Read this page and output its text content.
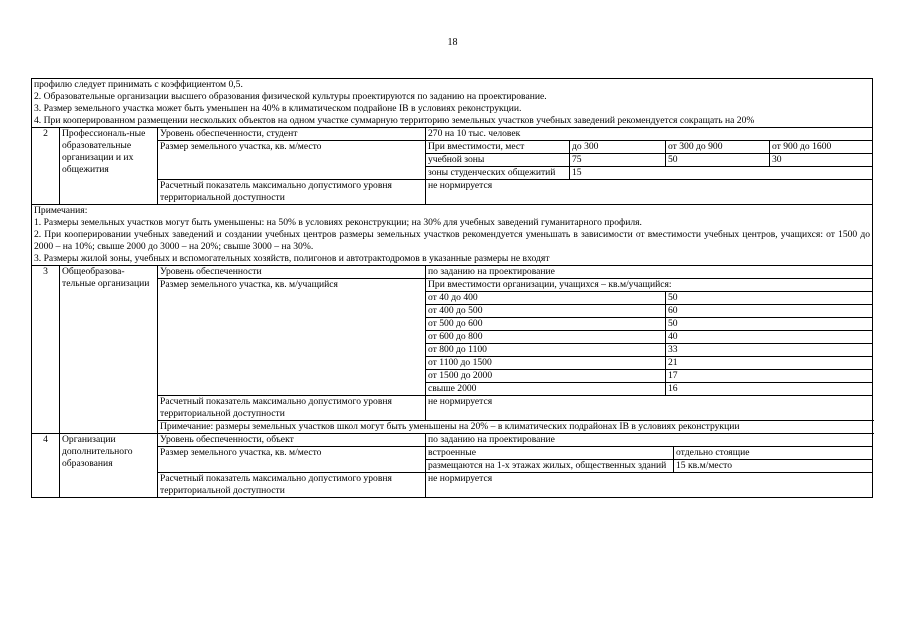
18
профилю следует принимать с коэффициентом 0,5.
2. Образовательные организации высшего образования физической культуры проектируются по заданию на проектирование.
3. Размер земельного участка может быть уменьшен на 40% в климатическом подрайоне IB в условиях реконструкции.
4. При кооперированном размещении нескольких объектов на одном участке суммарную территорию земельных участков учебных заведений рекомендуется сокращать на 20%							

2	Профессиональ-ные образовательные организации и их общежития	Уровень обеспеченности, студент	270 на 10 тыс. человек				
		Размер земельного участка, кв. м/место	При вместимости, мест	до 300	от 300 до 900		от 900 до 1600
			учебной зоны	75	50		30
			зоны студенческих общежитий	15			
		Расчетный показатель максимально допустимого уровня территориальной доступности	не нормируется				

Примечания:
1. Размеры земельных участков могут быть уменьшены: на 50% в условиях реконструкции; на 30% для учебных заведений гуманитарного профиля.
2. При кооперировании учебных заведений и создании учебных центров размеры земельных участков рекомендуется уменьшать в зависимости от вместимости учебных центров, учащихся: от 1500 до 2000 – на 10%; свыше 2000 до 3000 – на 20%; свыше 3000 – на 30%.
3. Размеры жилой зоны, учебных и вспомогательных хозяйств, полигонов и автотрактодромов в указанные размеры не входят							

3	Общеобразова-тельные организации	Уровень обеспеченности	по заданию на проектирование				
		Размер земельного участка, кв. м/учащийся	При вместимости организации, учащихся – кв.м/учащийся:				
			от 40 до 400		50		
			от 400 до 500		60		
			от 500 до 600		50		
			от 600 до 800		40		
			от 800 до 1100		33		
			от 1100 до 1500		21		
			от 1500 до 2000		17		
			свыше 2000		16		
		Расчетный показатель максимально допустимого уровня территориальной доступности	не нормируется				
		Примечание: размеры земельных участков школ могут быть уменьшены на 20% – в климатических подрайонах IB в условиях реконструкции					
4	Организации дополнительного образования	Уровень обеспеченности, объект	по заданию на проектирование				
		Размер земельного участка, кв. м/место	встроенные			отдельно стоящие	
			размещаются на 1-х этажах жилых, общественных зданий			15 кв.м/место	
		Расчетный показатель максимально допустимого уровня территориальной доступности	не нормируется				
